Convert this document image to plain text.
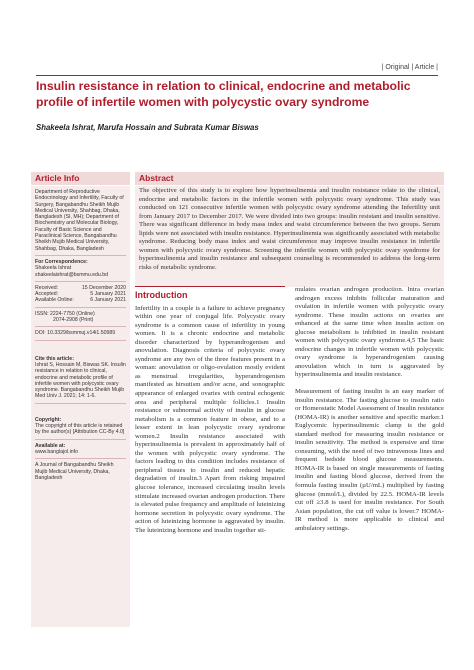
| Original | Article |
Insulin resistance in relation to clinical, endocrine and metabolic profile of infertile women with polycystic ovary syndrome
Shakeela Ishrat, Marufa Hossain and Subrata Kumar Biswas
Article Info	Abstract

Department of Reproductive Endocrinology and Infertility, Faculty of Surgery, Bangabandhu Sheikh Mujib Medical University, Shahbag, Dhaka, Bangladesh (SI, MH); Department of Biochemistry and Molecular Biology, Faculty of Basic Science and Paraclinical Science, Bangabandhu Sheikh Mujib Medical University, Shahbag, Dhaka, Bangladesh

For Correspondence:

Shakeela Ishrat

shakeelaishrat@bsmmu.edu.bd

Received:	15 December 2020

Accepted:	5 January 2021

Available Online:	6 January 2021

ISSN: 2224-7750 (Online)

2074-2908 (Print)

DOI: 10.3329/bsmmuj.v14i1.50989

Cite this article:

Ishrat S, Hossain M, Biswas SK. Insulin resistance in relation to clinical, endocrine and metabolic profile of infertile women with polycystic ovary syndrome. Bangabandhu Sheikh Mujib Med Univ J. 2021; 14: 1-6.

Copyright:

The copyright of this article is retained by the author(s) [Attribution CC-By 4.0]

Available at:

www.banglajol.info

A Journal of Bangabandhu Sheikh Mujib Medical University, Dhaka, Bangladesh

The objective of this study is to explore how hyperinsulinemia and insulin resistance relate to the clinical, endocrine and metabolic factors in the infertile women with polycystic ovary syndrome. This study was conducted on 121 consecutive infertile women with polycystic ovary syndrome attending the Infertility unit from January 2017 to December 2017. We were divided into two groups: insulin resistant and insulin sensitive. There was significant difference in body mass index and waist circumference between the two groups. Serum lipids were not associated with insulin resistance. Hyperinsulinemia was significantly associated with metabolic syndrome. Reducing body mass index and waist circumference may improve insulin resistance in infertile women with polycystic ovary syndrome. Screening the infertile women with polycystic ovary syndrome for hyperinsulinemia and insulin resistance and subsequent counseling is recommended to address the long-term risks of metabolic syndrome.

Introduction

Infertility in a couple is a failure to achieve pregnancy within one year of conjugal life. Polycystic ovary syndrome is a common cause of infertility in young women. It is a chronic endocrine and metabolic disorder characterized by hyperandrogenism and anovulation. Diagnosis criteria of polycystic ovary syndrome are any two of the three features present in a woman: anovulation or oligo-ovulation mostly evident as menstrual irregularities, hyperandrogenism manifested as hirsutism and/or acne, and sonographic appearance of enlarged ovaries with central echogenic area and peripheral multiple follicles.1 Insulin resistance or subnormal activity of insulin in glucose metabolism is a common feature in obese, and to a lesser extent in lean polycystic ovary syndrome women.2 Insulin resistance associated with hyperinsulinemia is prevalent in approximately half of the women with polycystic ovary syndrome. The factors leading to this condition includes resistance of peripheral tissues to insulin and reduced hepatic degradation of insulin.3 Apart from risking impaired glucose tolerance, increased circulating insulin levels stimulate increased ovarian androgen production. There is elevated pulse frequency and amplitude of luteinizing hormone secretion in polycystic ovary syndrome. The action of luteinizing hormone is aggravated by insulin. The luteinizing hormone and insulin together sti-

mulates ovarian androgen production. Intra ovarian androgen excess inhibits follicular maturation and ovulation in infertile women with polycystic ovary syndrome. These insulin actions on ovaries are enhanced at the same time when insulin action on glucose metabolism is inhibited in insulin resistant women with polycystic ovary syndrome.4,5 The basic endocrine changes in infertile women with polycystic ovary syndrome is hyperandrogenism causing anovulation which in turn is aggravated by hyperinsulinemia and insulin resistance.

Measurement of fasting insulin is an easy marker of insulin resistance. The fasting glucose to insulin ratio or Homeostatic Model Assessment of Insulin resistance (HOMA-IR) is another sensitive and specific marker.1 Euglycemic hyperinsulinemic clamp is the gold standard method for measuring insulin resistance or insulin sensitivity. The method is expensive and time consuming, with the need of two intravenous lines and frequent bedside blood glucose measurements. HOMA-IR is based on single measurements of fasting insulin and fasting blood glucose, derived from the formula fasting insulin (µU/mL) multiplied by fasting glucose (mmol/L), divided by 22.5. HOMA-IR levels cut off ≥3.8 is used for insulin resistance. For South Asian population, the cut off value is lower.7 HOMA-IR method is more applicable to clinical and ambulatory settings.
